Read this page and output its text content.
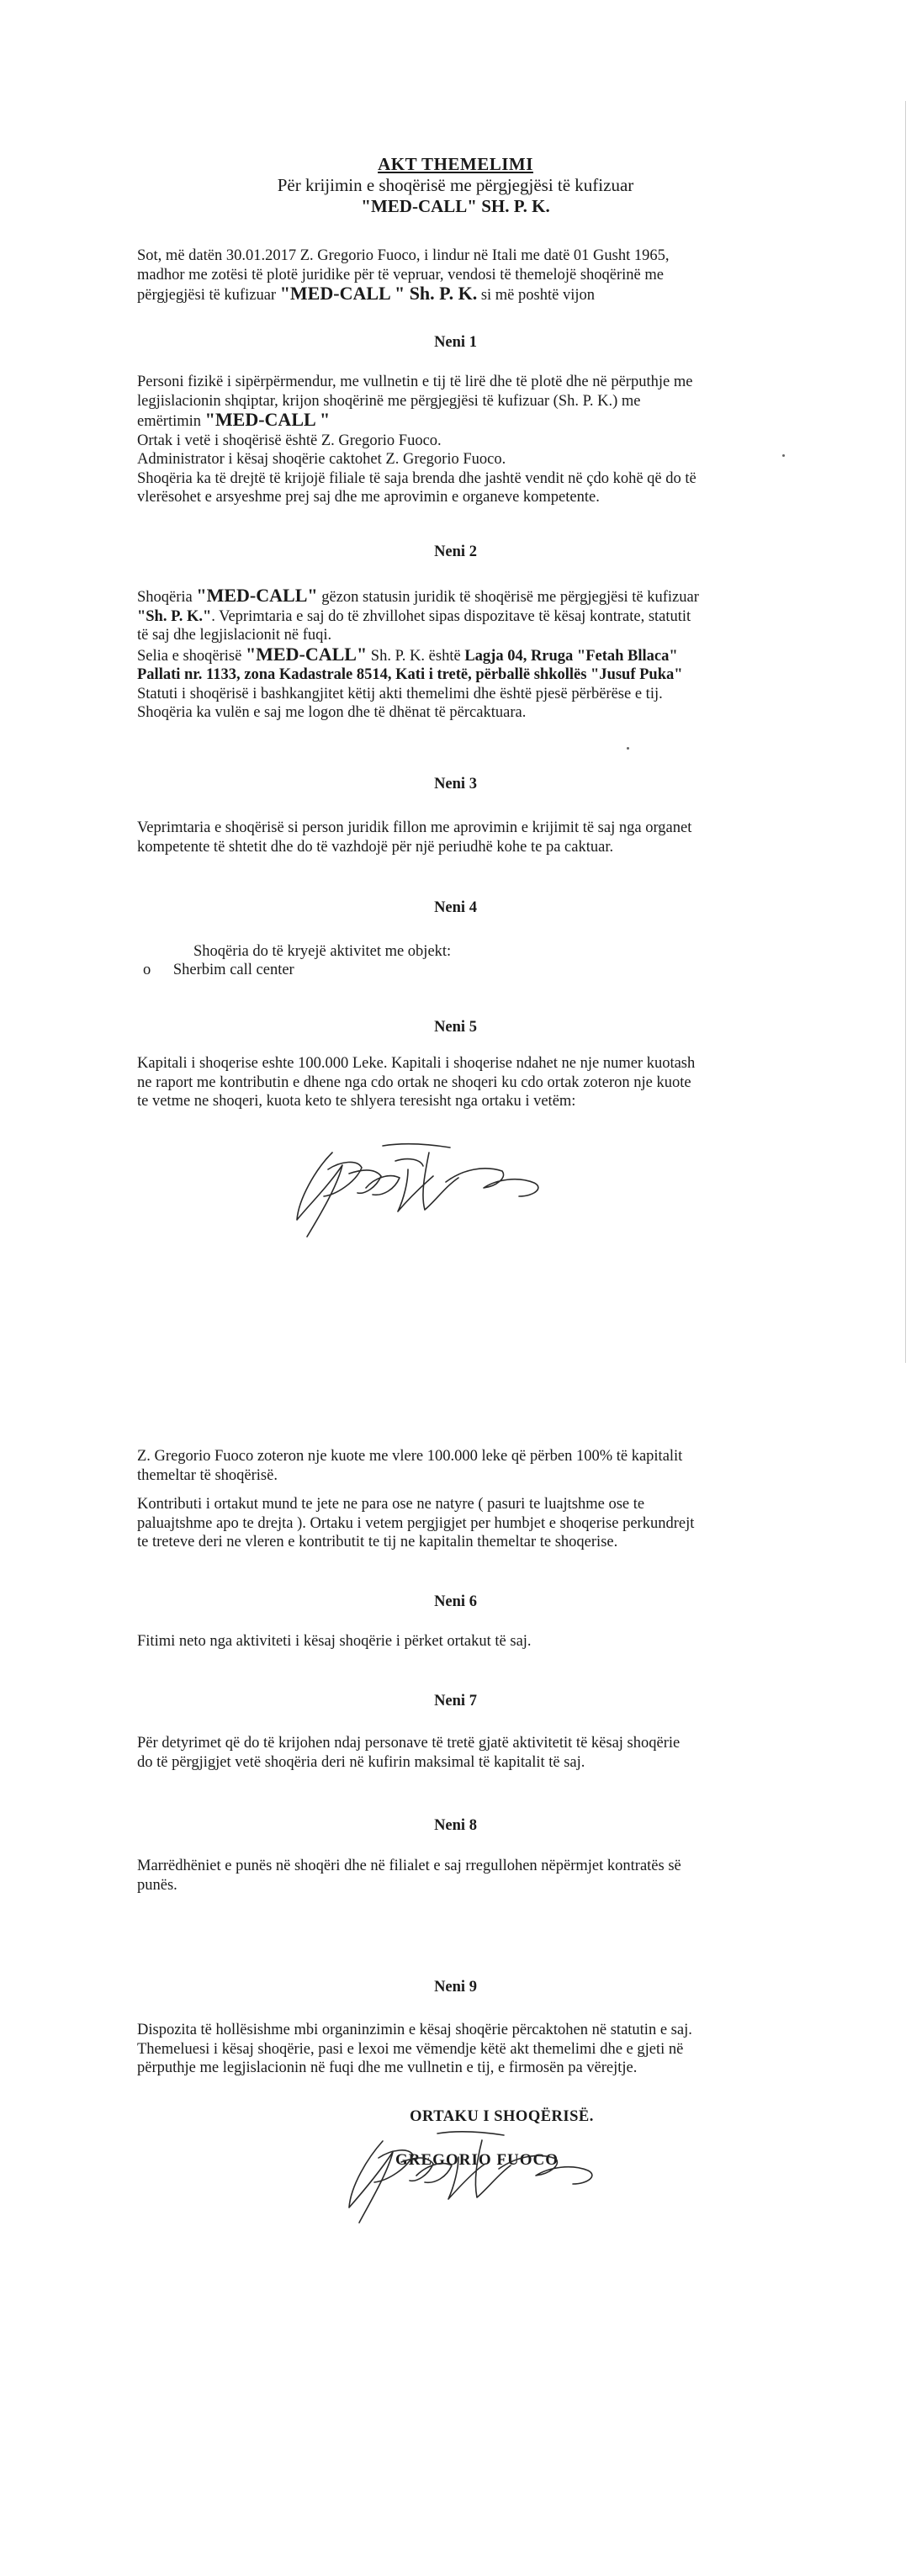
AKT THEMELIMI
Për krijimin e shoqërisë me përgjegjësi të kufizuar
"MED-CALL" SH. P. K.

Sot, më datën 30.01.2017 Z. Gregorio Fuoco, i lindur në Itali me datë 01 Gusht 1965,

madhor me zotësi të plotë juridike për të vepruar, vendosi të themelojë shoqërinë me

përgjegjësi të kufizuar "MED-CALL " Sh. P. K. si më poshtë vijon

Neni 1

Personi fizikë i sipërpërmendur, me vullnetin e tij të lirë dhe të plotë dhe në përputhje me

legjislacionin shqiptar, krijon shoqërinë me përgjegjësi të kufizuar (Sh. P. K.) me

emërtimin "MED-CALL "

Ortak i vetë i shoqërisë është Z. Gregorio Fuoco.

Administrator i kësaj shoqërie caktohet Z. Gregorio Fuoco.

Shoqëria ka të drejtë të krijojë filiale të saja brenda dhe jashtë vendit në çdo kohë që do të

vlerësohet e arsyeshme prej saj dhe me aprovimin e organeve kompetente.

Neni 2

Shoqëria "MED-CALL" gëzon statusin juridik të shoqërisë me përgjegjësi të kufizuar

"Sh. P. K.". Veprimtaria e saj do të zhvillohet sipas dispozitave të kësaj kontrate, statutit

të saj dhe legjislacionit në fuqi.

Selia e shoqërisë "MED-CALL" Sh. P. K. është Lagja 04, Rruga "Fetah Bllaca"

Pallati nr. 1133, zona Kadastrale 8514, Kati i tretë, përballë shkollës "Jusuf Puka"

Statuti i shoqërisë i bashkangjitet këtij akti themelimi dhe është pjesë përbërëse e tij.

Shoqëria ka vulën e saj me logon dhe të dhënat të përcaktuara.

Neni 3

Veprimtaria e shoqërisë si person juridik fillon me aprovimin e krijimit të saj nga organet

kompetente të shtetit dhe do të vazhdojë për një periudhë kohe te pa caktuar.

Neni 4
Shoqëria do të kryejë aktivitet me objekt:
o Sherbim call center
Neni 5

Kapitali i shoqerise eshte 100.000 Leke. Kapitali i shoqerise ndahet ne nje numer kuotash

ne raport me kontributin e dhene nga cdo ortak ne shoqeri ku cdo ortak zoteron nje kuote

te vetme ne shoqeri, kuota keto te shlyera teresisht nga ortaku i vetëm:

Z. Gregorio Fuoco zoteron nje kuote me vlere 100.000 leke që përben 100% të kapitalit

themeltar të shoqërisë.

Kontributi i ortakut mund te jete ne para ose ne natyre ( pasuri te luajtshme ose te

paluajtshme apo te drejta ). Ortaku i vetem pergjigjet per humbjet e shoqerise perkundrejt

te treteve deri ne vleren e kontributit te tij ne kapitalin themeltar te shoqerise.

Neni 6

Fitimi neto nga aktiviteti i kësaj shoqërie i përket ortakut të saj.

Neni 7

Për detyrimet që do të krijohen ndaj personave të tretë gjatë aktivitetit të kësaj shoqërie

do të përgjigjet vetë shoqëria deri në kufirin maksimal të kapitalit të saj.

Neni 8

Marrëdhëniet e punës në shoqëri dhe në filialet e saj rregullohen nëpërmjet kontratës së

punës.

Neni 9

Dispozita të hollësishme mbi organinzimin e kësaj shoqërie përcaktohen në statutin e saj.

Themeluesi i kësaj shoqërie, pasi e lexoi me vëmendje këtë akt themelimi dhe e gjeti në

përputhje me legjislacionin në fuqi dhe me vullnetin e tij, e firmosën pa vërejtje.

ORTAKU I SHOQËRISË.
GREGORIO FUOCO
